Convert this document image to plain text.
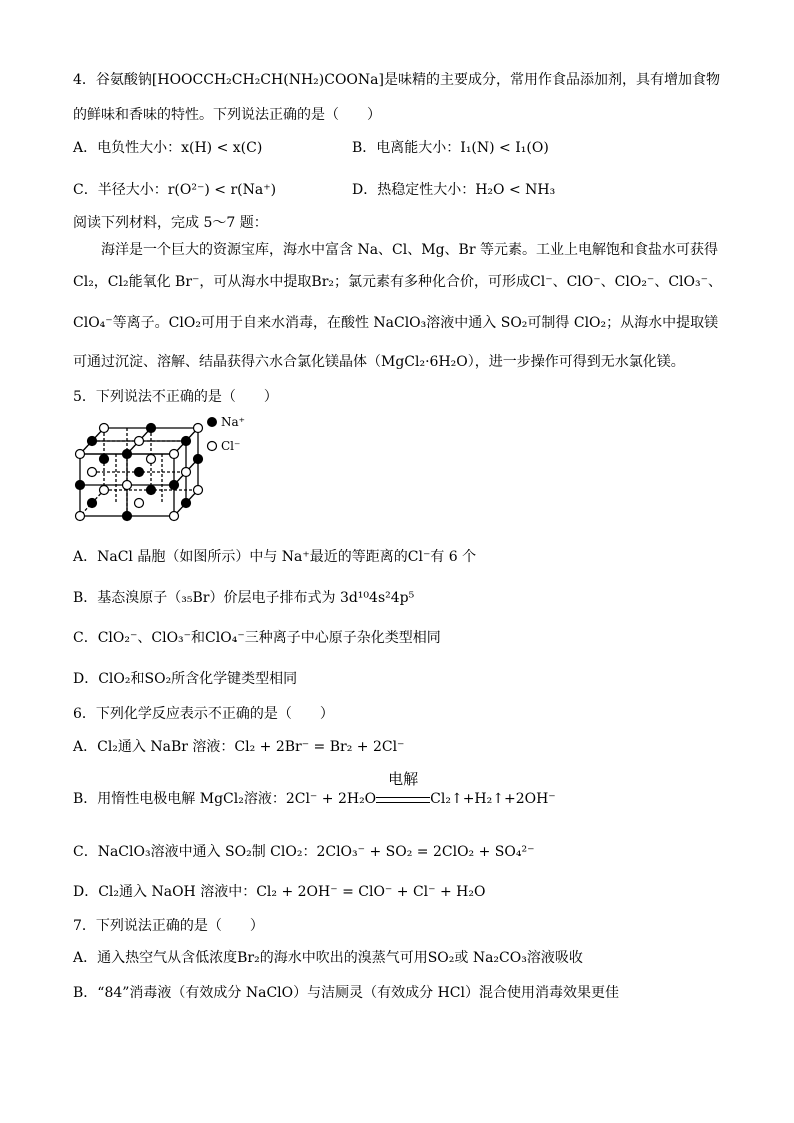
4．谷氨酸钠[HOOCCH₂CH₂CH(NH₂)COONa]是味精的主要成分，常用作食品添加剂，具有增加食物
的鲜味和香味的特性。下列说法正确的是（　　）
A．电负性大小：x(H) < x(C)	B．电离能大小：I₁(N) < I₁(O)
C．半径大小：r(O²⁻) < r(Na⁺)	D．热稳定性大小：H₂O < NH₃
阅读下列材料，完成 5～7 题：
海洋是一个巨大的资源宝库，海水中富含 Na、Cl、Mg、Br 等元素。工业上电解饱和食盐水可获得
Cl₂，Cl₂能氧化 Br⁻，可从海水中提取Br₂；氯元素有多种化合价，可形成Cl⁻、ClO⁻、ClO₂⁻、ClO₃⁻、
ClO₄⁻等离子。ClO₂可用于自来水消毒，在酸性 NaClO₃溶液中通入 SO₂可制得 ClO₂；从海水中提取镁
可通过沉淀、溶解、结晶获得六水合氯化镁晶体（MgCl₂·6H₂O），进一步操作可得到无水氯化镁。
5．下列说法不正确的是（　　）
Na⁺
Cl⁻
A．NaCl 晶胞（如图所示）中与 Na⁺最近的等距离的Cl⁻有 6 个
B．基态溴原子（₃₅Br）价层电子排布式为 3d¹⁰4s²4p⁵
C．ClO₂⁻、ClO₃⁻和ClO₄⁻三种离子中心原子杂化类型相同
D．ClO₂和SO₂所含化学键类型相同
6．下列化学反应表示不正确的是（　　）
A．Cl₂通入 NaBr 溶液：Cl₂ + 2Br⁻ = Br₂ + 2Cl⁻
B．用惰性电极电解 MgCl₂溶液：2Cl⁻ + 2H₂O
电解
Cl₂↑+H₂↑+2OH⁻
C．NaClO₃溶液中通入 SO₂制 ClO₂：2ClO₃⁻ + SO₂ = 2ClO₂ + SO₄²⁻
D．Cl₂通入 NaOH 溶液中：Cl₂ + 2OH⁻ = ClO⁻ + Cl⁻ + H₂O
7．下列说法正确的是（　　）
A．通入热空气从含低浓度Br₂的海水中吹出的溴蒸气可用SO₂或 Na₂CO₃溶液吸收
B．“84”消毒液（有效成分 NaClO）与洁厕灵（有效成分 HCl）混合使用消毒效果更佳
